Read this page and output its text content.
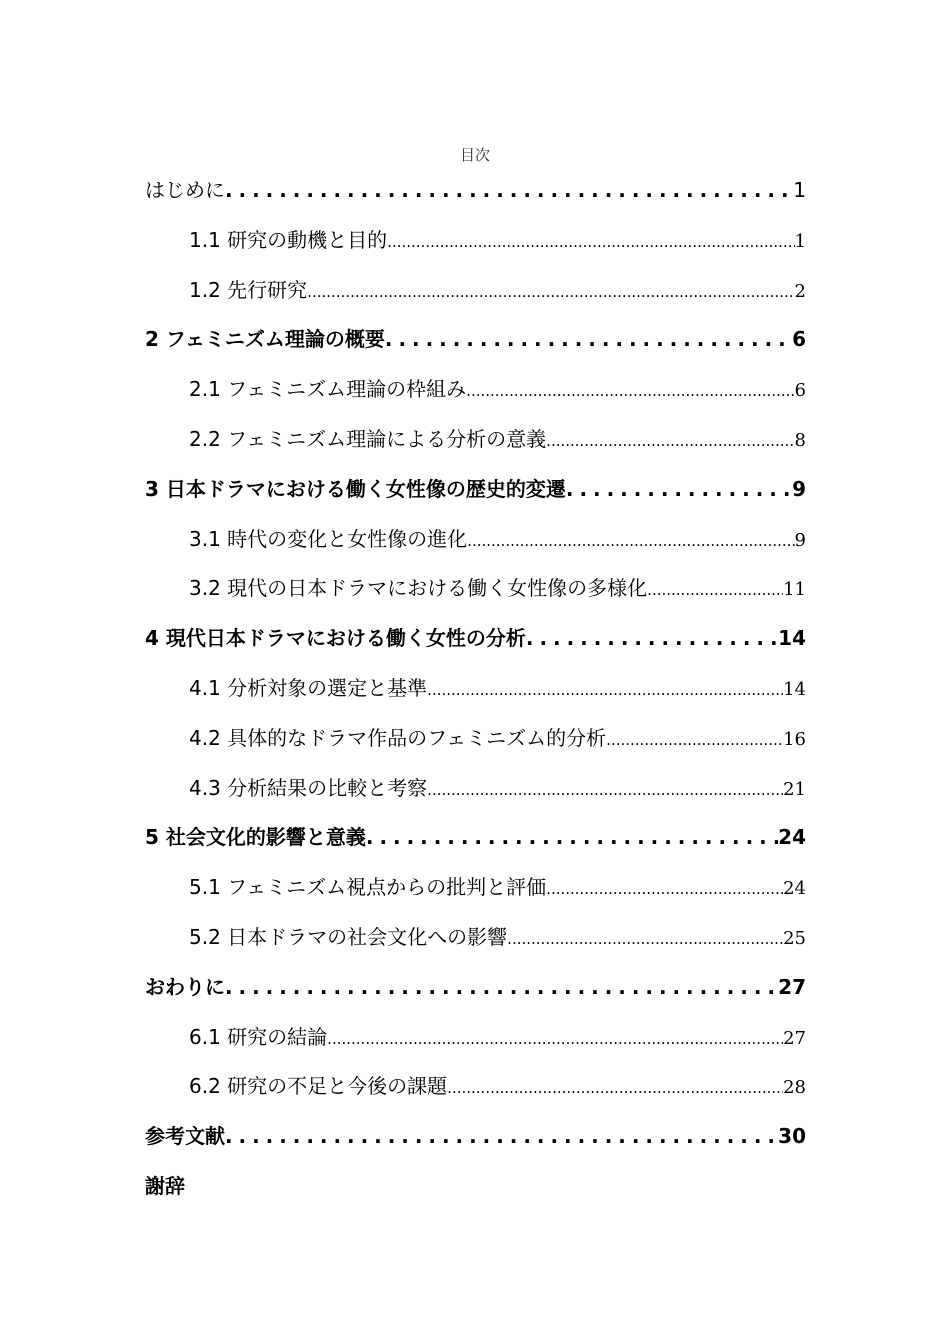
目次
はじめに . . .	1
1.1 研究の動機と目的 .....	1
1.2 先行研究 .....	2
2 フェミニズム理論の概要 . . .	6
2.1 フェミニズム理論の枠組み .....	6
2.2 フェミニズム理論による分析の意義 .....	8
3 日本ドラマにおける働く女性像の歴史的変遷 . . .	9
3.1 時代の変化と女性像の進化 .....	9
3.2 現代の日本ドラマにおける働く女性像の多様化 .....	11
4 現代日本ドラマにおける働く女性の分析 . . .	14
4.1 分析対象の選定と基準 .....	14
4.2 具体的なドラマ作品のフェミニズム的分析 .....	16
4.3 分析結果の比較と考察 .....	21
5 社会文化的影響と意義 . . .	24
5.1 フェミニズム視点からの批判と評価 .....	24
5.2 日本ドラマの社会文化への影響 .....	25
おわりに . . .	27
6.1 研究の結論 .....	27
6.2 研究の不足と今後の課題 .....	28
参考文献 . . .	30
謝辞
